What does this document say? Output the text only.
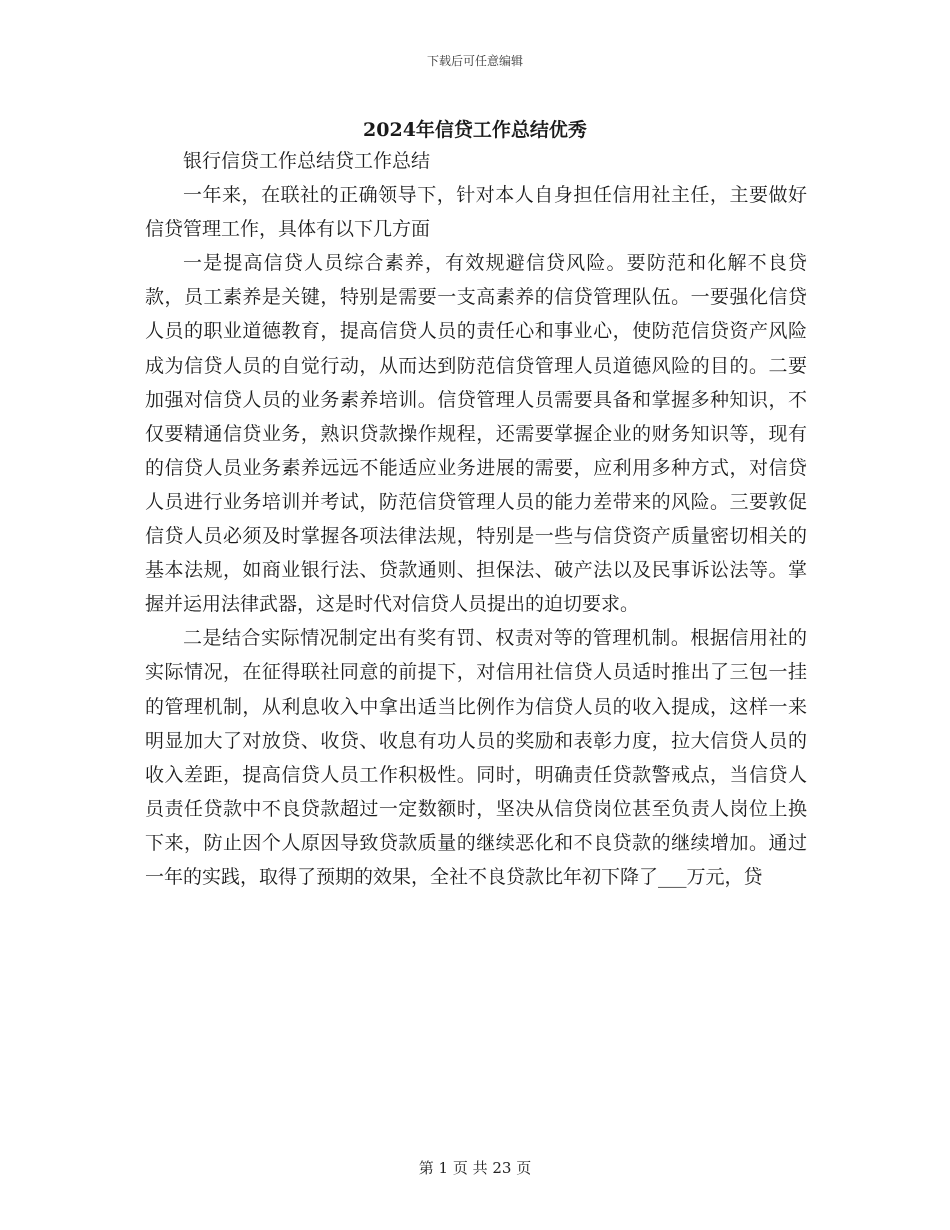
下载后可任意编辑
2024年信贷工作总结优秀

银行信贷工作总结贷工作总结

一年来，在联社的正确领导下，针对本人自身担任信用社主任，主要做好信贷管理工作，具体有以下几方面

一是提高信贷人员综合素养，有效规避信贷风险。要防范和化解不良贷款，员工素养是关键，特别是需要一支高素养的信贷管理队伍。一要强化信贷人员的职业道德教育，提高信贷人员的责任心和事业心，使防范信贷资产风险成为信贷人员的自觉行动，从而达到防范信贷管理人员道德风险的目的。二要加强对信贷人员的业务素养培训。信贷管理人员需要具备和掌握多种知识，不仅要精通信贷业务，熟识贷款操作规程，还需要掌握企业的财务知识等，现有的信贷人员业务素养远远不能适应业务进展的需要，应利用多种方式，对信贷人员进行业务培训并考试，防范信贷管理人员的能力差带来的风险。三要敦促信贷人员必须及时掌握各项法律法规，特别是一些与信贷资产质量密切相关的基本法规，如商业银行法、贷款通则、担保法、破产法以及民事诉讼法等。掌握并运用法律武器，这是时代对信贷人员提出的迫切要求。

二是结合实际情况制定出有奖有罚、权责对等的管理机制。根据信用社的实际情况，在征得联社同意的前提下，对信用社信贷人员适时推出了三包一挂的管理机制，从利息收入中拿出适当比例作为信贷人员的收入提成，这样一来明显加大了对放贷、收贷、收息有功人员的奖励和表彰力度，拉大信贷人员的收入差距，提高信贷人员工作积极性。同时，明确责任贷款警戒点，当信贷人员责任贷款中不良贷款超过一定数额时，坚决从信贷岗位甚至负责人岗位上换下来，防止因个人原因导致贷款质量的继续恶化和不良贷款的继续增加。通过一年的实践，取得了预期的效果，全社不良贷款比年初下降了___万元，贷

第 1 页 共 23 页
